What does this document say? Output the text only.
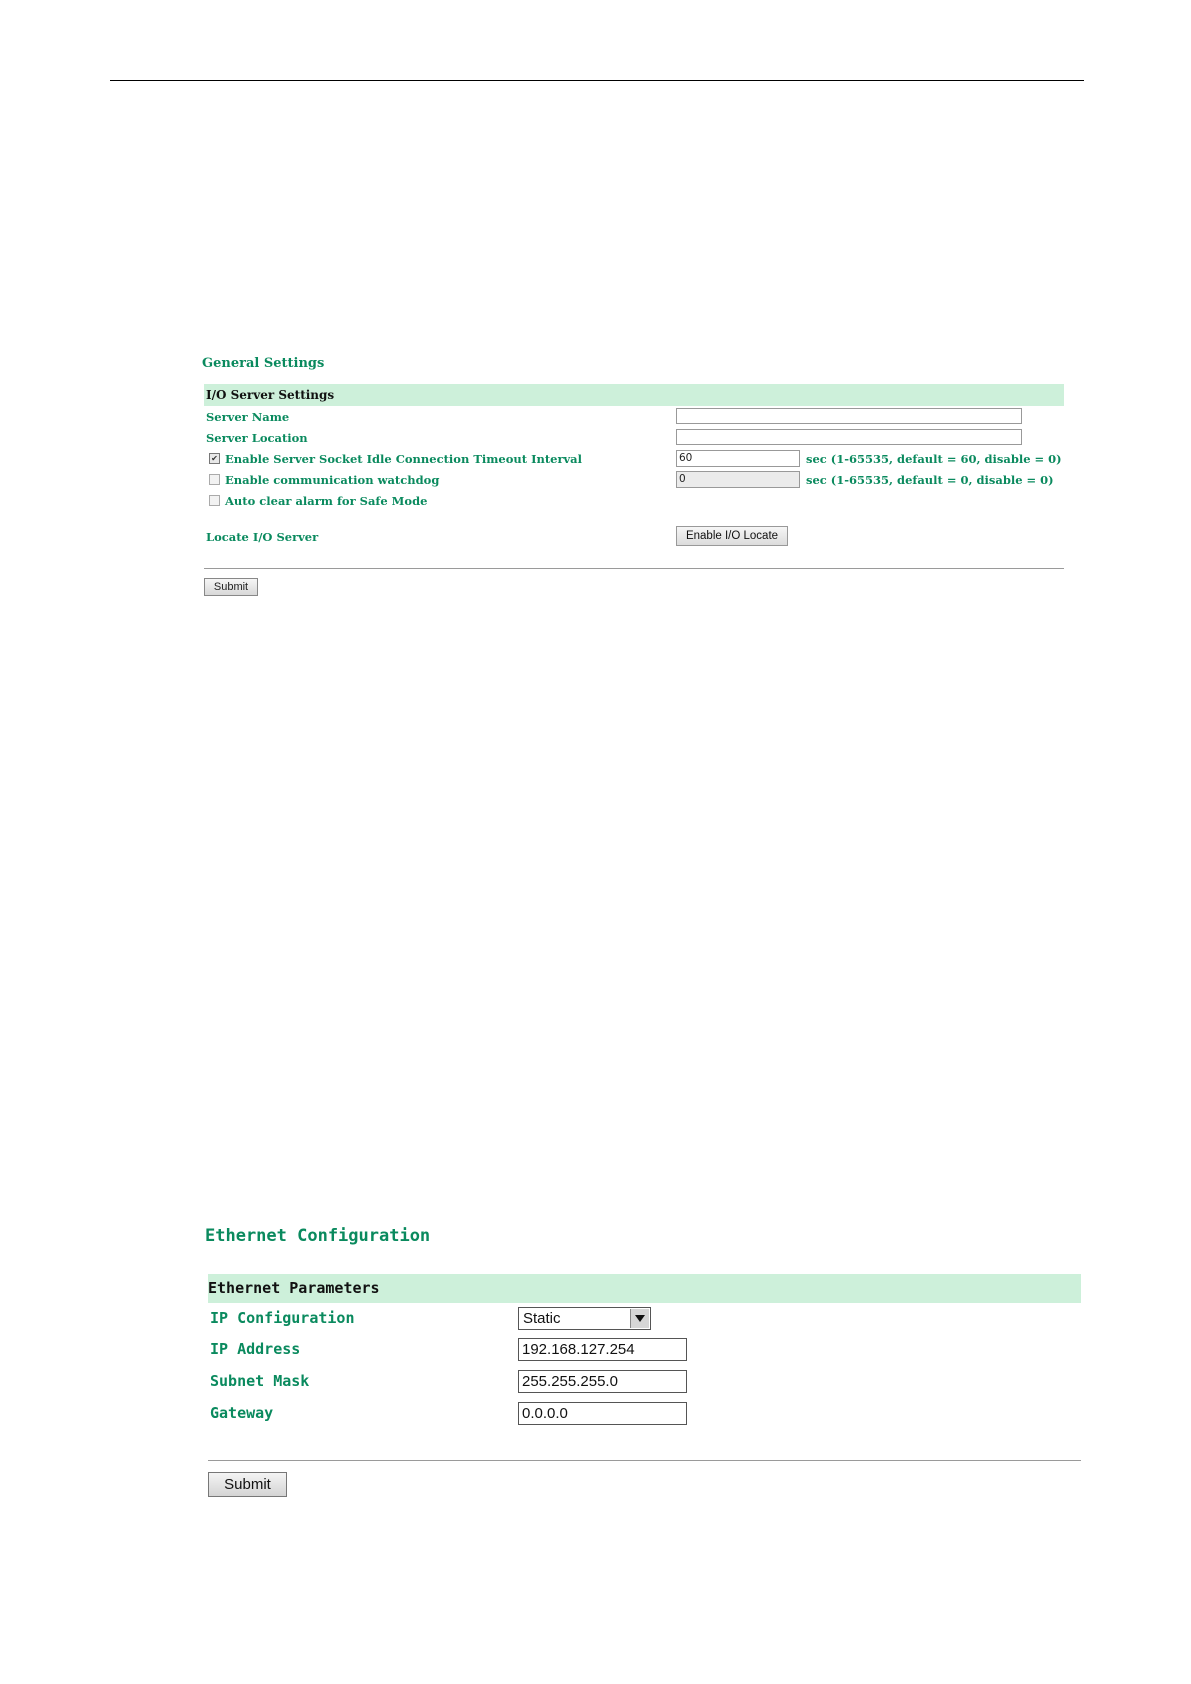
General Settings
I/O Server Settings
Server Name
Server Location
✔ Enable Server Socket Idle Connection Timeout Interval	60	sec (1-65535, default = 60, disable = 0)
Enable communication watchdog	0	sec (1-65535, default = 0, disable = 0)
Auto clear alarm for Safe Mode
Locate I/O Server	Enable I/O Locate
Submit
Ethernet Configuration
Ethernet Parameters
IP Configuration	Static
IP Address	192.168.127.254
Subnet Mask	255.255.255.0
Gateway	0.0.0.0
Submit
